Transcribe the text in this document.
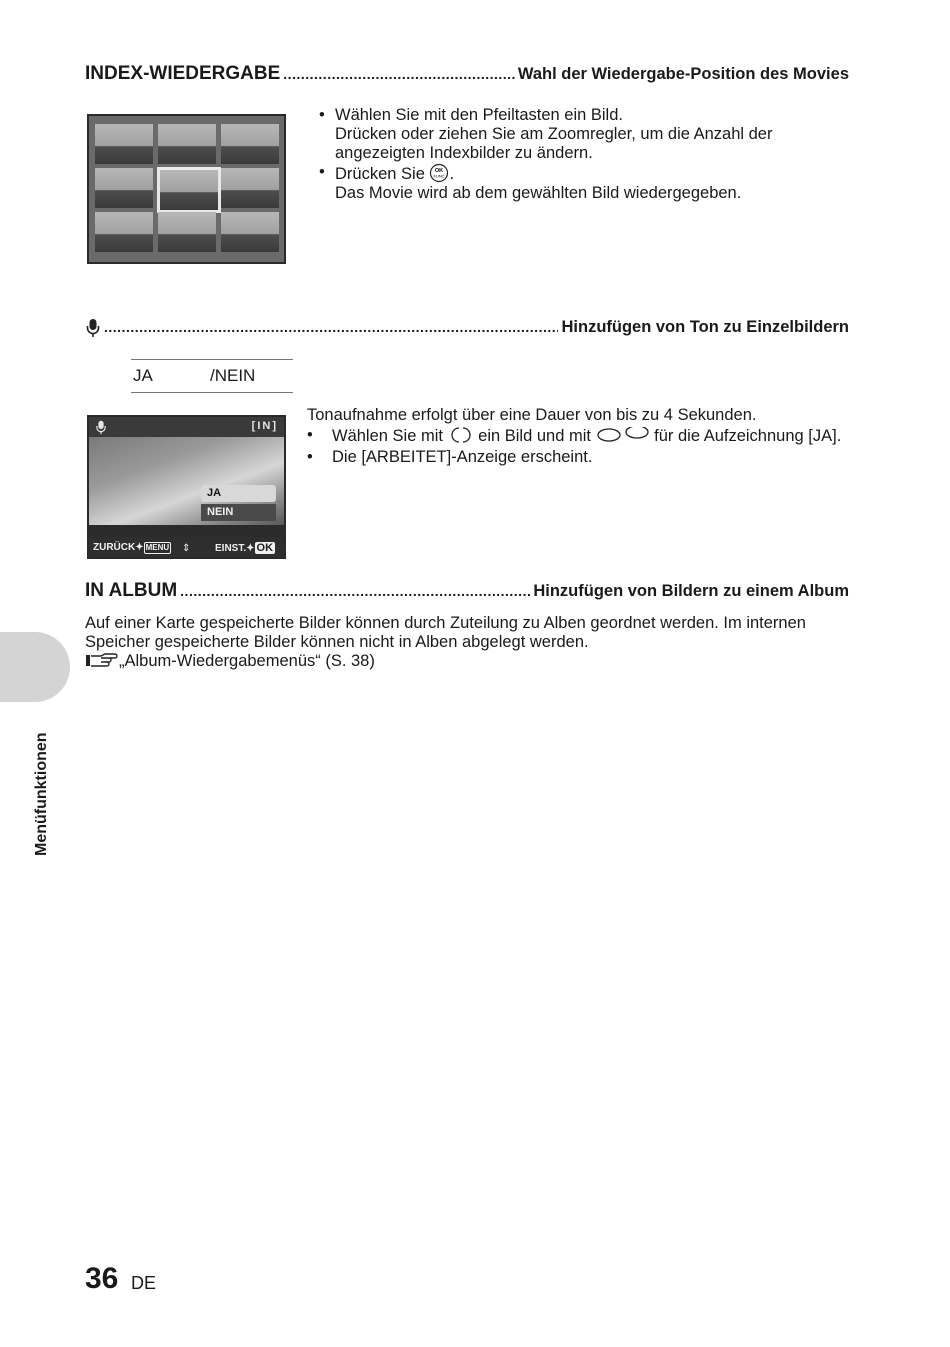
INDEX-WIEDERGABE .....	Wahl der Wiedergabe-Position des Movies
• Wählen Sie mit den Pfeiltasten ein Bild.
Drücken oder ziehen Sie am Zoomregler, um die Anzahl der
angezeigten Indexbilder zu ändern.
• Drücken Sie OK
FUNC .
Das Movie wird ab dem gewählten Bild wiedergegeben.
.....
Hinzufügen von Ton zu Einzelbildern
JA	/NEIN
[IN]
JA
NEIN
ZURÜCK✦ MENU ⇕ EINST.✦ OK
Tonaufnahme erfolgt über eine Dauer von bis zu 4 Sekunden.
• Wählen Sie mit ein Bild und mit	für die Aufzeichnung [JA].
• Die [ARBEITET]-Anzeige erscheint.
IN ALBUM .....	Hinzufügen von Bildern zu einem Album
Auf einer Karte gespeicherte Bilder können durch Zuteilung zu Alben geordnet werden. Im internen
Speicher gespeicherte Bilder können nicht in Alben abgelegt werden.
„Album-Wiedergabemenüs“ (S. 38)
Menüfunktionen
36 DE
